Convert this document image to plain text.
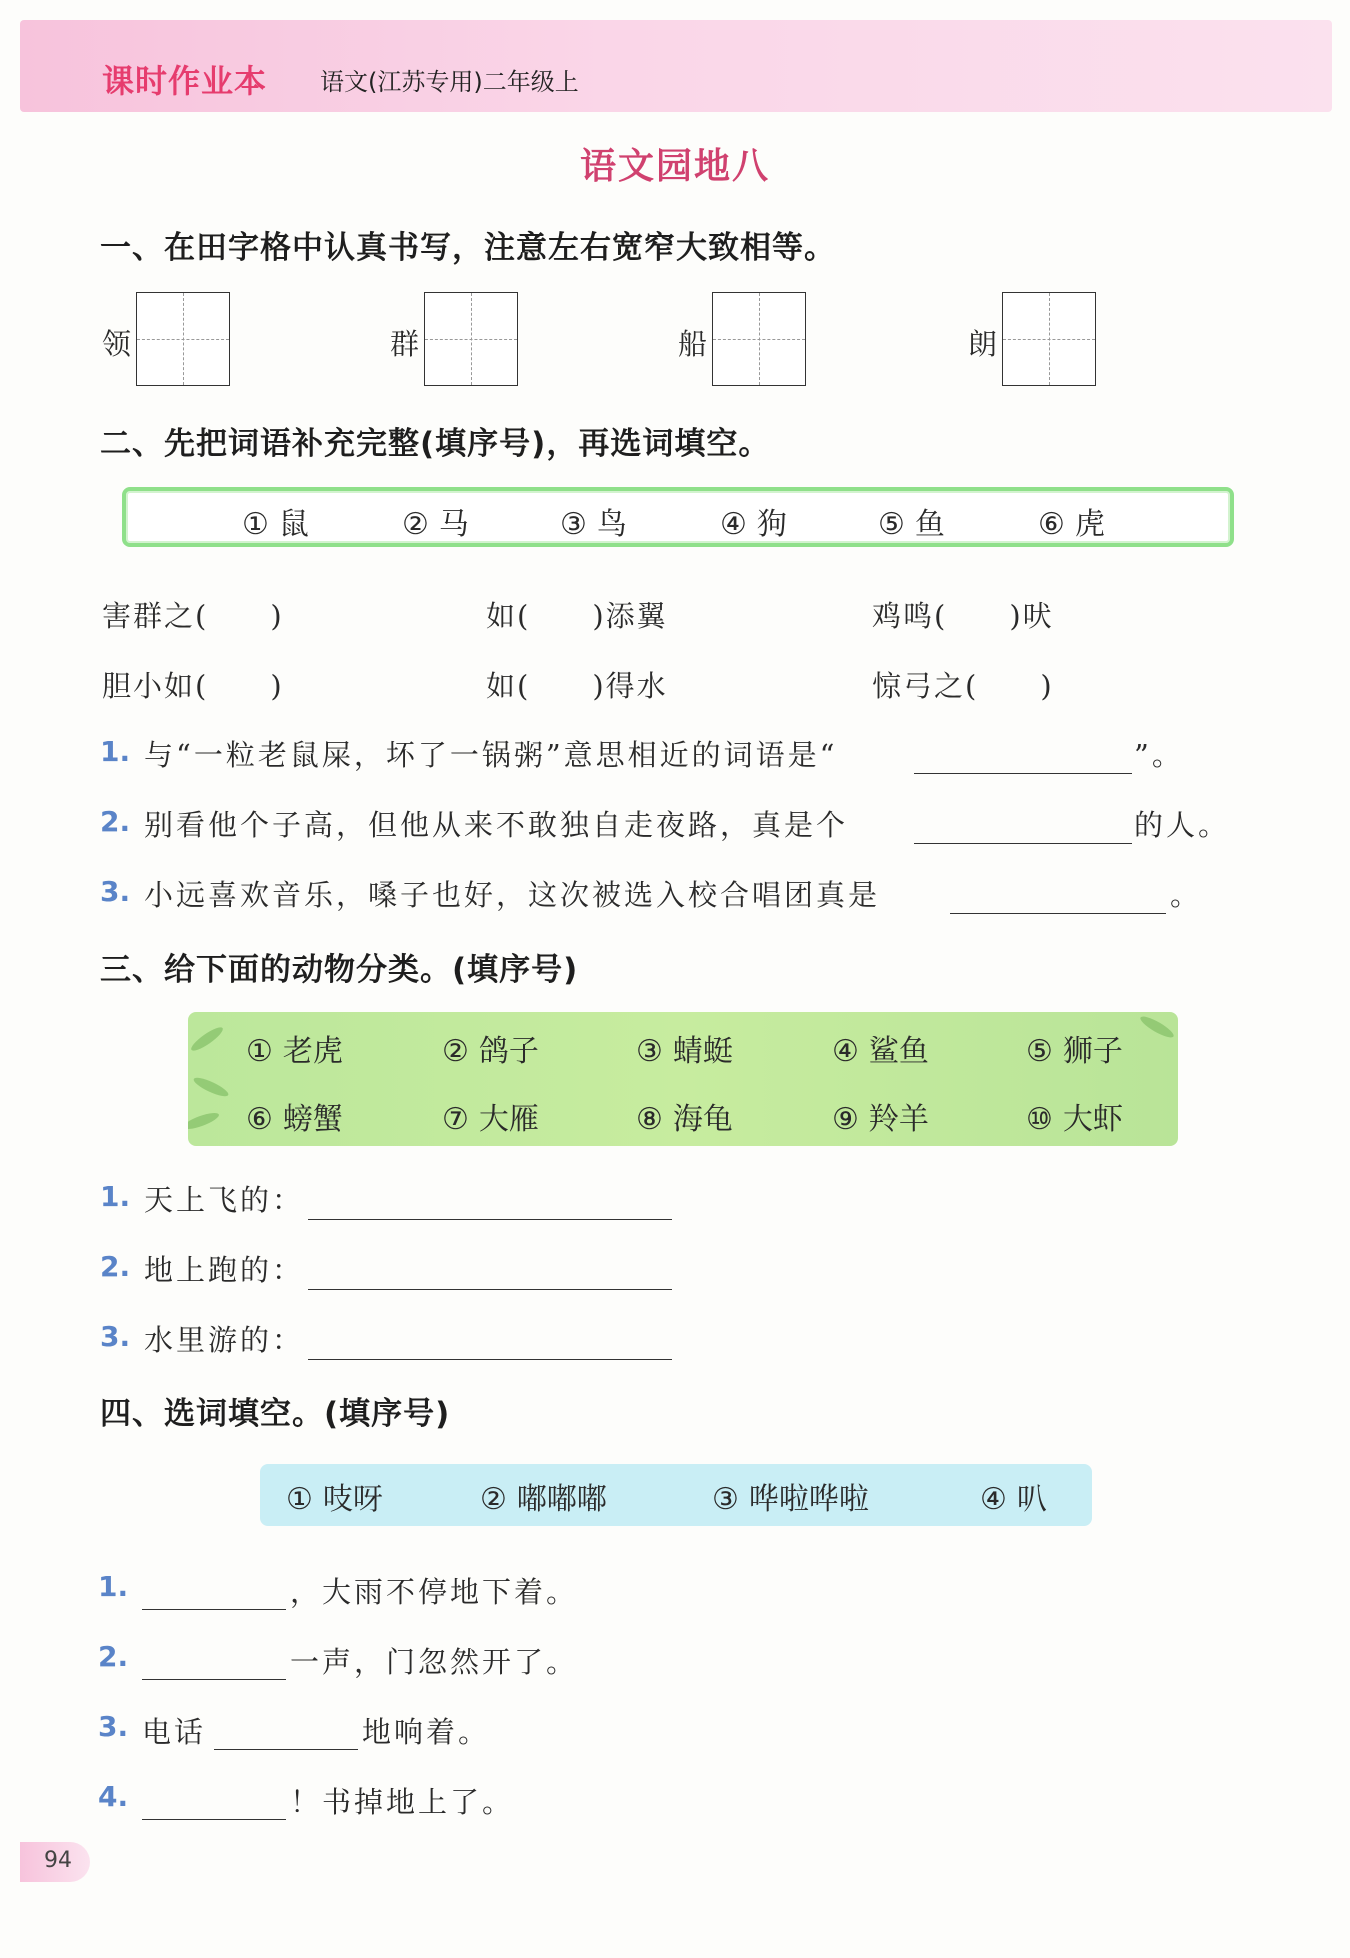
课时作业本 语文(江苏专用)二年级上
语文园地八
一、在田字格中认真书写，注意左右宽窄大致相等。
领	群	船	朗
二、先把词语补充完整(填序号)，再选词填空。
① 鼠	② 马	③ 鸟	④ 狗	⑤ 鱼	⑥ 虎
害群之(　　)	如(　　)添翼	鸡鸣(　　)吠
胆小如(　　)	如(　　)得水	惊弓之(　　)
1. 与“一粒老鼠屎，坏了一锅粥”意思相近的词语是“	”。
2. 别看他个子高，但他从来不敢独自走夜路，真是个	的人。
3. 小远喜欢音乐，嗓子也好，这次被选入校合唱团真是	。
三、给下面的动物分类。(填序号)
① 老虎	② 鸽子	③ 蜻蜓	④ 鲨鱼	⑤ 狮子
⑥ 螃蟹	⑦ 大雁	⑧ 海龟	⑨ 羚羊	⑩ 大虾
1. 天上飞的：
2. 地上跑的：
3. 水里游的：
四、选词填空。(填序号)
① 吱呀	② 嘟嘟嘟	③ 哗啦哗啦	④ 叭
1.	，大雨不停地下着。
2.	一声，门忽然开了。
3. 电话	地响着。
4.	！书掉地上了。
94
